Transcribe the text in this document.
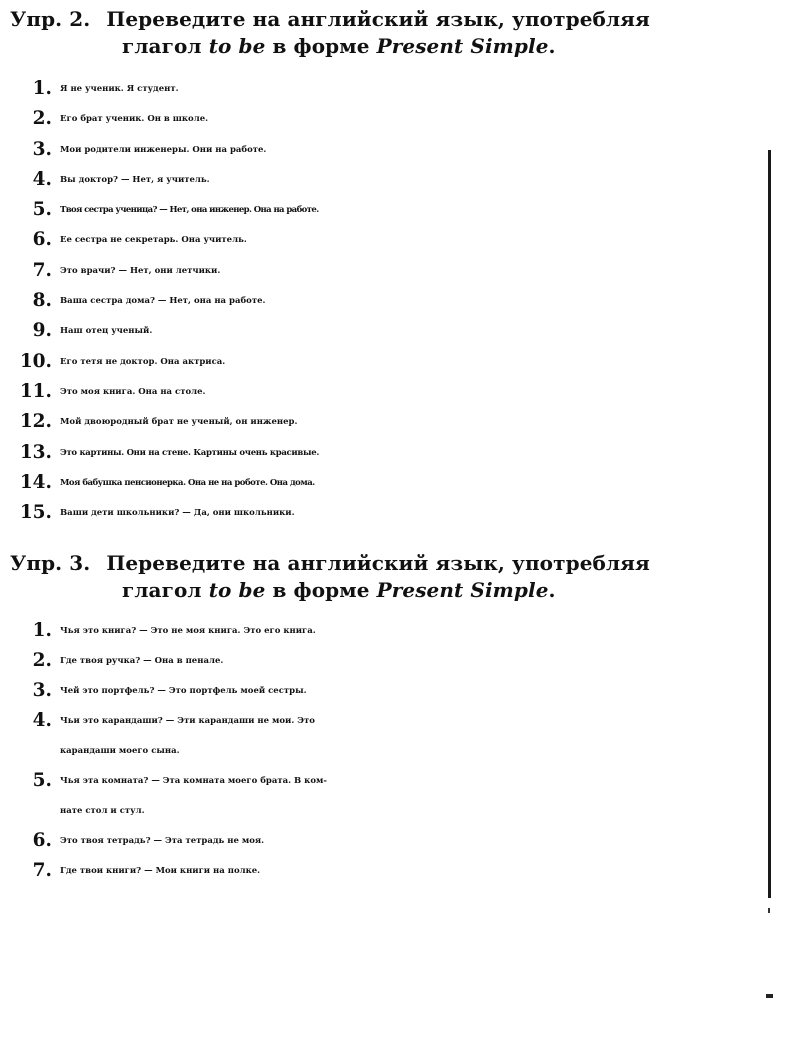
Упр. 2. Переведите на английский язык, употребляя
глагол to be в форме Present Simple.
1. Я не ученик. Я студент.
2. Его брат ученик. Он в школе.
3. Мои родители инженеры. Они на работе.
4. Вы доктор? — Нет, я учитель.
5. Твоя сестра ученица? — Нет, она инженер. Она на работе.
6. Ее сестра не секретарь. Она учитель.
7. Это врачи? — Нет, они летчики.
8. Ваша сестра дома? — Нет, она на работе.
9. Наш отец ученый.
10. Его тетя не доктор. Она актриса.
11. Это моя книга. Она на столе.
12. Мой двоюродный брат не ученый, он инженер.
13. Это картины. Они на стене. Картины очень красивые.
14. Моя бабушка пенсионерка. Она не на роботе. Она дома.
15. Ваши дети школьники? — Да, они школьники.
Упр. 3. Переведите на английский язык, употребляя
глагол to be в форме Present Simple.
1. Чья это книга? — Это не моя книга. Это его книга.
2. Где твоя ручка? — Она в пенале.
3. Чей это портфель? — Это портфель моей сестры.
4. Чьи это карандаши? — Эти карандаши не мои. Это
карандаши моего сына.
5. Чья эта комната? — Эта комната моего брата. В ком-
нате стол и стул.
6. Это твоя тетрадь? — Эта тетрадь не моя.
7. Где твои книги? — Мои книги на полке.
